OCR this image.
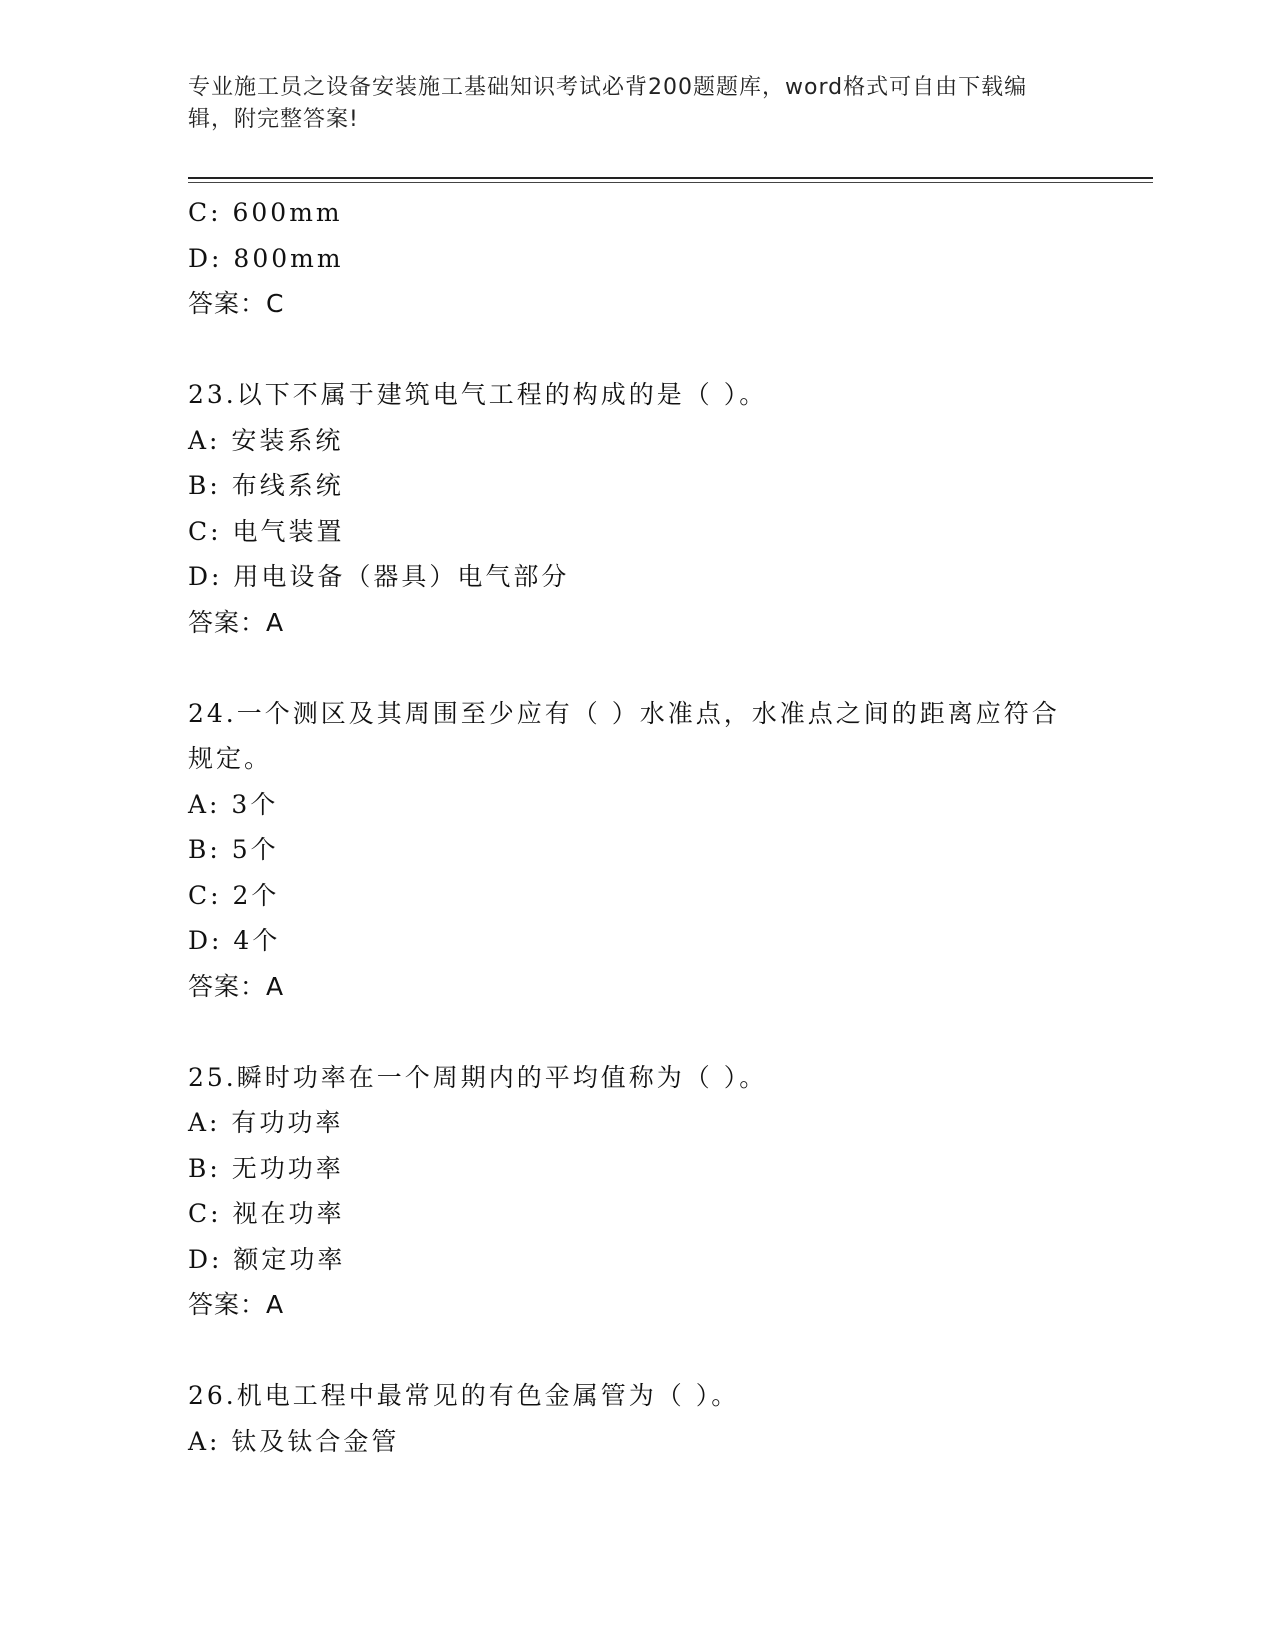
专业施工员之设备安装施工基础知识考试必背200题题库，word格式可自由下载编辑，附完整答案!
C: 600mm
D: 800mm
答案：C
23.以下不属于建筑电气工程的构成的是（ ）。
A: 安装系统
B: 布线系统
C: 电气装置
D: 用电设备（器具）电气部分
答案：A
24.一个测区及其周围至少应有（ ）水准点，水准点之间的距离应符合规定。
A: 3个
B: 5个
C: 2个
D: 4个
答案：A
25.瞬时功率在一个周期内的平均值称为（ ）。
A: 有功功率
B: 无功功率
C: 视在功率
D: 额定功率
答案：A
26.机电工程中最常见的有色金属管为（ ）。
A: 钛及钛合金管
